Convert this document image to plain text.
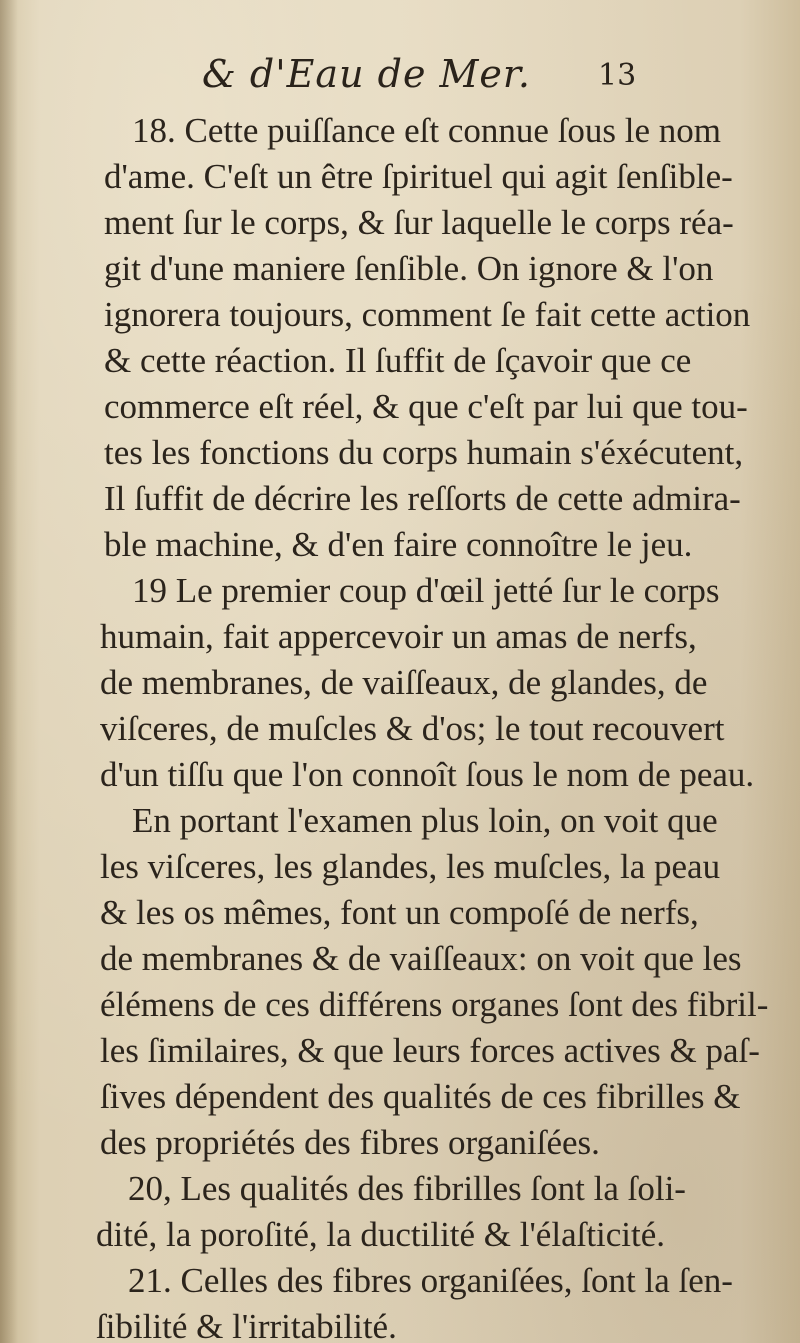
& d'Eau de Mer. 13
18. Cette puiſſance eſt connue ſous le nom
d'ame. C'eſt un être ſpirituel qui agit ſenſible-
ment ſur le corps, & ſur laquelle le corps réa-
git d'une maniere ſenſible. On ignore & l'on
ignorera toujours, comment ſe fait cette action
& cette réaction. Il ſuffit de ſçavoir que ce
commerce eſt réel, & que c'eſt par lui que tou-
tes les fonctions du corps humain s'éxécutent,
Il ſuffit de décrire les reſſorts de cette admira-
ble machine, & d'en faire connoître le jeu.
19 Le premier coup d'œil jetté ſur le corps
humain, fait appercevoir un amas de nerfs,
de membranes, de vaiſſeaux, de glandes, de
viſceres, de muſcles & d'os; le tout recouvert
d'un tiſſu que l'on connoît ſous le nom de peau.
En portant l'examen plus loin, on voit que
les viſceres, les glandes, les muſcles, la peau
& les os mêmes, font un compoſé de nerfs,
de membranes & de vaiſſeaux: on voit que les
élémens de ces différens organes ſont des fibril-
les ſimilaires, & que leurs forces actives & paſ-
ſives dépendent des qualités de ces fibrilles &
des propriétés des fibres organiſées.
20, Les qualités des fibrilles ſont la ſoli-
dité, la poroſité, la ductilité & l'élaſticité.
21. Celles des fibres organiſées, ſont la ſen-
ſibilité & l'irritabilité.
